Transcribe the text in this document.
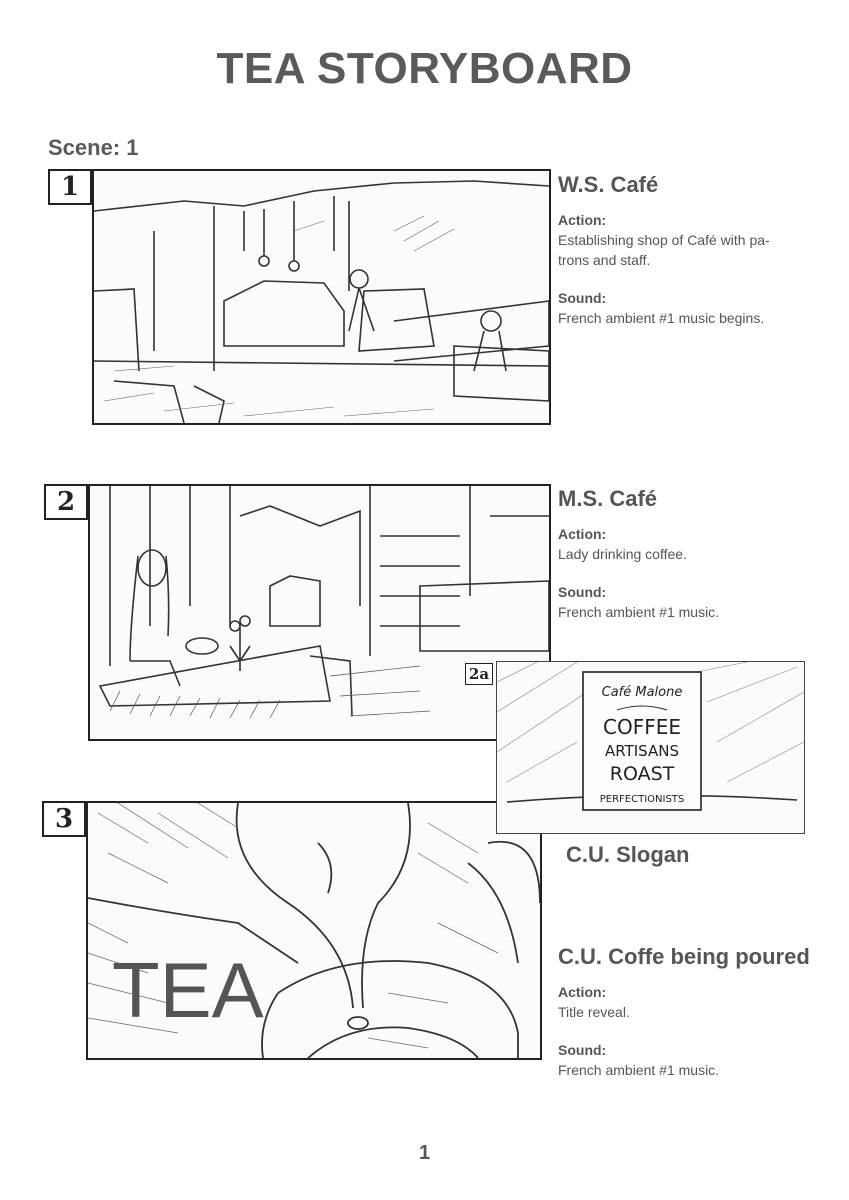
TEA STORYBOARD
Scene: 1
1	W.S. Café
Action:
Establishing shop of Café with pa-trons and staff.
Sound:
French ambient #1 music begins.
2	M.S. Café
Action:
Lady drinking coffee.
Sound:
French ambient #1 music.
3
TEA	C.U. Coffe being poured
Action:
Title reveal.
Sound:
French ambient #1 music.
Café Malone
COFFEE
ARTISANS
ROAST
PERFECTIONISTS
2a
C.U. Slogan
1
